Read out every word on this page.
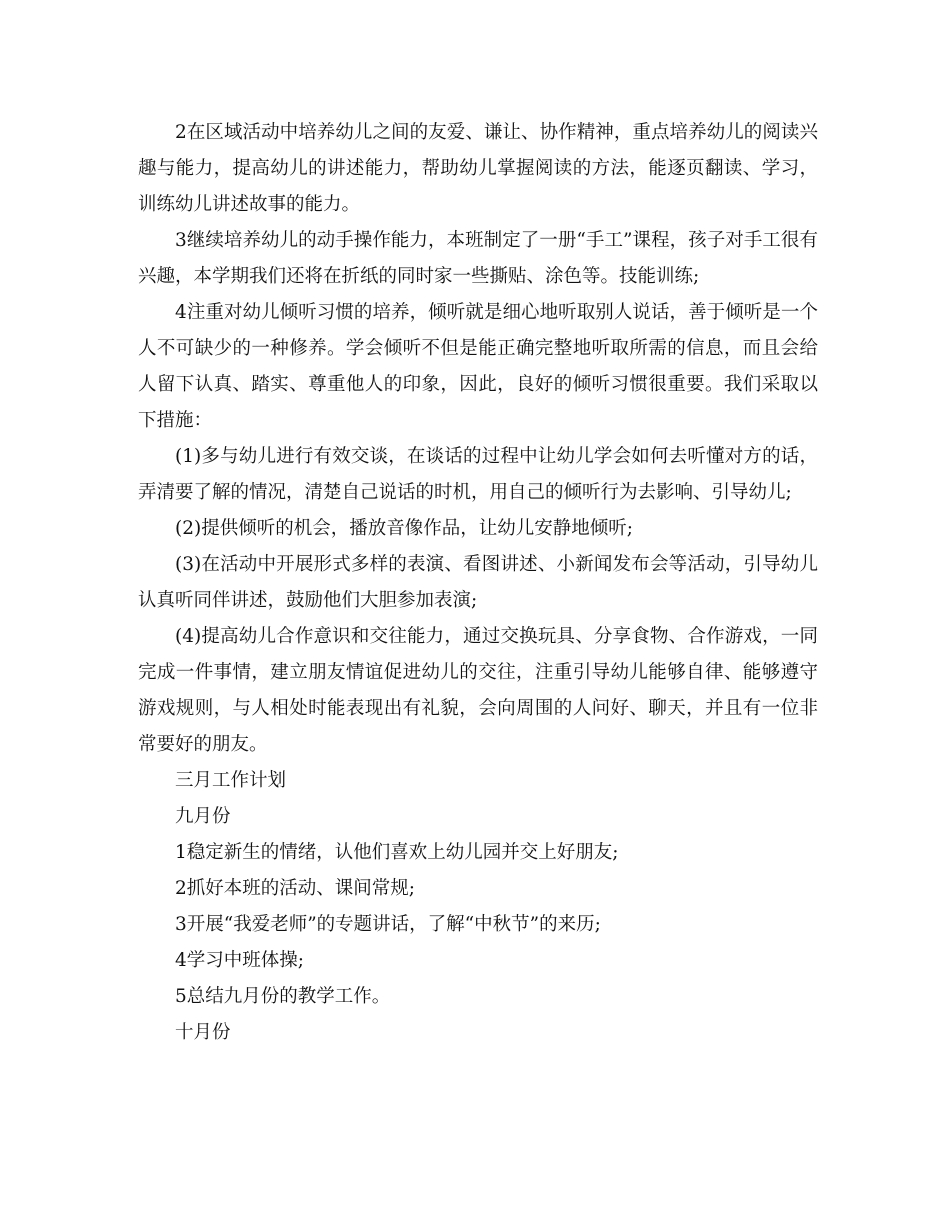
2在区域活动中培养幼儿之间的友爱、谦让、协作精神，重点培养幼儿的阅读兴趣与能力，提高幼儿的讲述能力，帮助幼儿掌握阅读的方法，能逐页翻读、学习，训练幼儿讲述故事的能力。

3继续培养幼儿的动手操作能力，本班制定了一册“手工”课程，孩子对手工很有兴趣，本学期我们还将在折纸的同时家一些撕贴、涂色等。技能训练;

4注重对幼儿倾听习惯的培养，倾听就是细心地听取别人说话，善于倾听是一个人不可缺少的一种修养。学会倾听不但是能正确完整地听取所需的信息，而且会给人留下认真、踏实、尊重他人的印象，因此，良好的倾听习惯很重要。我们采取以下措施：

(1)多与幼儿进行有效交谈，在谈话的过程中让幼儿学会如何去听懂对方的话，弄清要了解的情况，清楚自己说话的时机，用自己的倾听行为去影响、引导幼儿;

(2)提供倾听的机会，播放音像作品，让幼儿安静地倾听;

(3)在活动中开展形式多样的表演、看图讲述、小新闻发布会等活动，引导幼儿认真听同伴讲述，鼓励他们大胆参加表演;

(4)提高幼儿合作意识和交往能力，通过交换玩具、分享食物、合作游戏，一同完成一件事情，建立朋友情谊促进幼儿的交往，注重引导幼儿能够自律、能够遵守游戏规则，与人相处时能表现出有礼貌，会向周围的人问好、聊天，并且有一位非常要好的朋友。

三月工作计划

九月份

1稳定新生的情绪，认他们喜欢上幼儿园并交上好朋友;

2抓好本班的活动、课间常规;

3开展“我爱老师”的专题讲话，了解“中秋节”的来历;

4学习中班体操;

5总结九月份的教学工作。

十月份
